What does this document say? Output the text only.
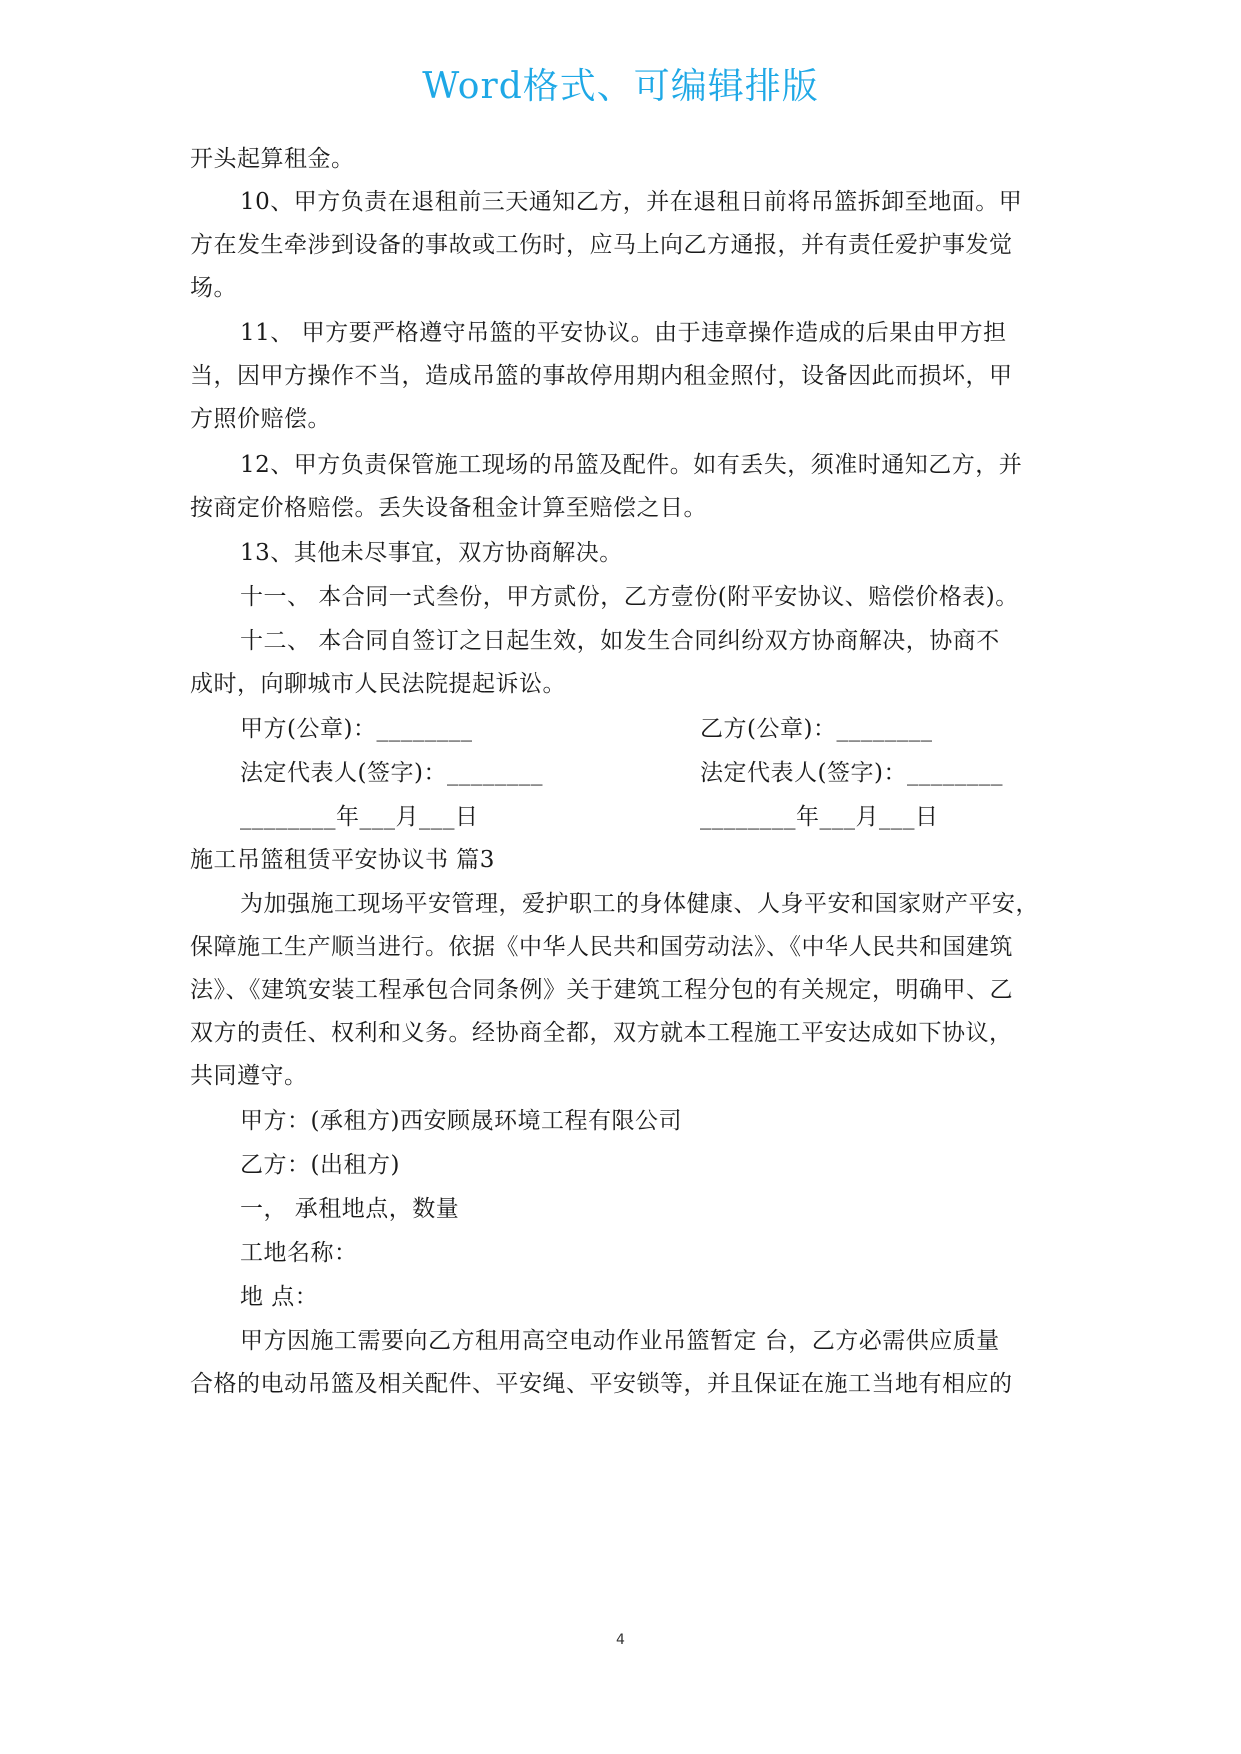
Word格式、可编辑排版
开头起算租金。
10、甲方负责在退租前三天通知乙方，并在退租日前将吊篮拆卸至地面。甲
方在发生牵涉到设备的事故或工伤时，应马上向乙方通报，并有责任爱护事发觉
场。
11、 甲方要严格遵守吊篮的平安协议。由于违章操作造成的后果由甲方担
当，因甲方操作不当，造成吊篮的事故停用期内租金照付，设备因此而损坏，甲
方照价赔偿。
12、甲方负责保管施工现场的吊篮及配件。如有丢失，须准时通知乙方，并
按商定价格赔偿。丢失设备租金计算至赔偿之日。
13、其他未尽事宜，双方协商解决。
十一、 本合同一式叁份，甲方贰份，乙方壹份(附平安协议、赔偿价格表)。
十二、 本合同自签订之日起生效，如发生合同纠纷双方协商解决，协商不
成时，向聊城市人民法院提起诉讼。
甲方(公章)：________	乙方(公章)：________
法定代表人(签字)：________	法定代表人(签字)：________
________年___月___日	________年___月___日
施工吊篮租赁平安协议书 篇3
为加强施工现场平安管理，爱护职工的身体健康、人身平安和国家财产平安，
保障施工生产顺当进行。依据《中华人民共和国劳动法》、《中华人民共和国建筑
法》、《建筑安装工程承包合同条例》关于建筑工程分包的有关规定，明确甲、乙
双方的责任、权利和义务。经协商全都，双方就本工程施工平安达成如下协议，
共同遵守。
甲方：(承租方)西安顾晟环境工程有限公司
乙方：(出租方)
一， 承租地点，数量
工地名称：
地 点：
甲方因施工需要向乙方租用高空电动作业吊篮暂定 台，乙方必需供应质量
合格的电动吊篮及相关配件、平安绳、平安锁等，并且保证在施工当地有相应的
4
